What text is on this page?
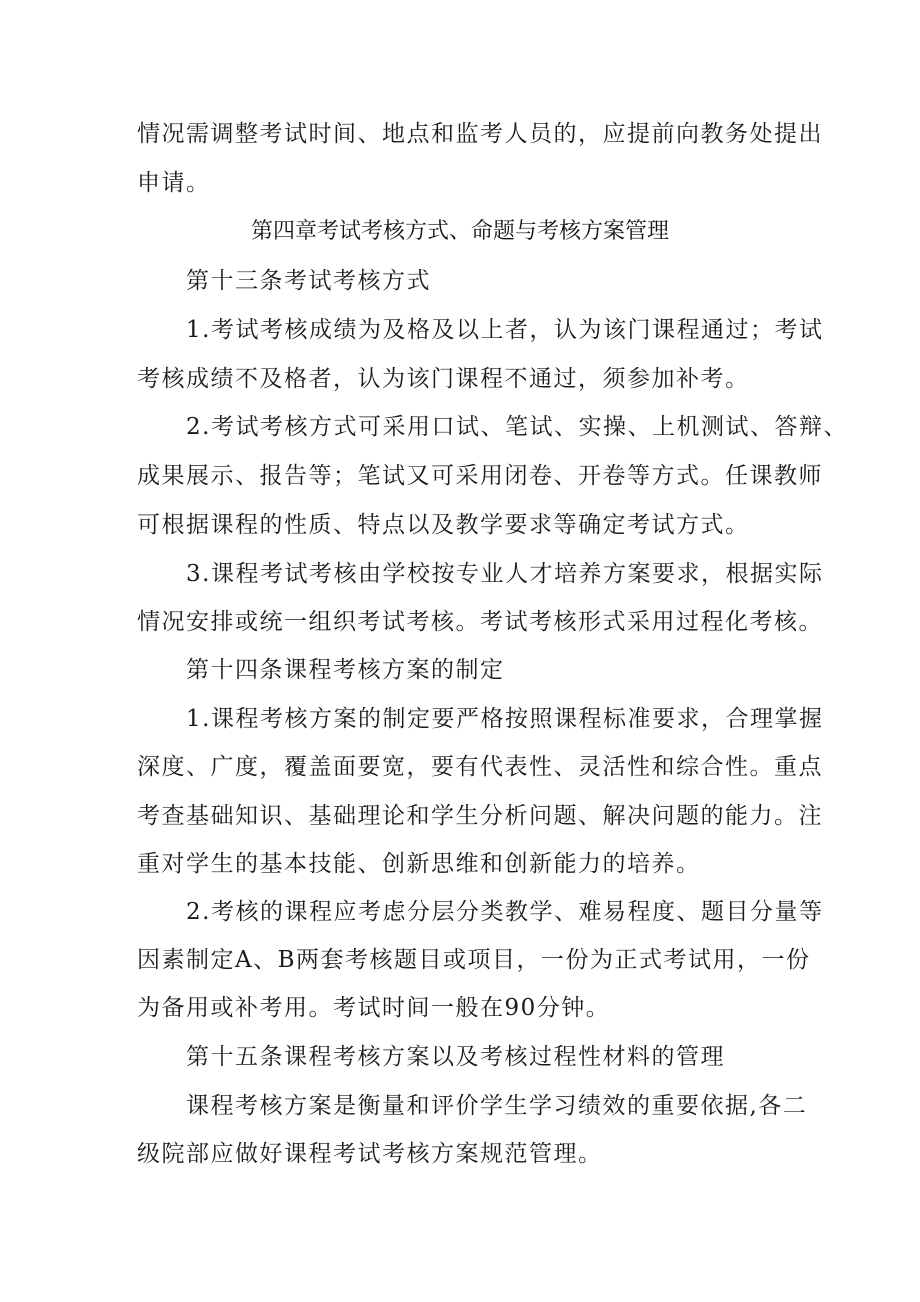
情况需调整考试时间、地点和监考人员的，应提前向教务处提出
申请。
第四章考试考核方式、命题与考核方案管理
第十三条考试考核方式
1.考试考核成绩为及格及以上者，认为该门课程通过；考试
考核成绩不及格者，认为该门课程不通过，须参加补考。
2.考试考核方式可采用口试、笔试、实操、上机测试、答辩、
成果展示、报告等；笔试又可采用闭卷、开卷等方式。任课教师
可根据课程的性质、特点以及教学要求等确定考试方式。
3.课程考试考核由学校按专业人才培养方案要求，根据实际
情况安排或统一组织考试考核。考试考核形式采用过程化考核。
第十四条课程考核方案的制定
1.课程考核方案的制定要严格按照课程标准要求，合理掌握
深度、广度，覆盖面要宽，要有代表性、灵活性和综合性。重点
考查基础知识、基础理论和学生分析问题、解决问题的能力。注
重对学生的基本技能、创新思维和创新能力的培养。
2.考核的课程应考虑分层分类教学、难易程度、题目分量等
因素制定A、B两套考核题目或项目，一份为正式考试用，一份
为备用或补考用。考试时间一般在90分钟。
第十五条课程考核方案以及考核过程性材料的管理
课程考核方案是衡量和评价学生学习绩效的重要依据,各二
级院部应做好课程考试考核方案规范管理。
